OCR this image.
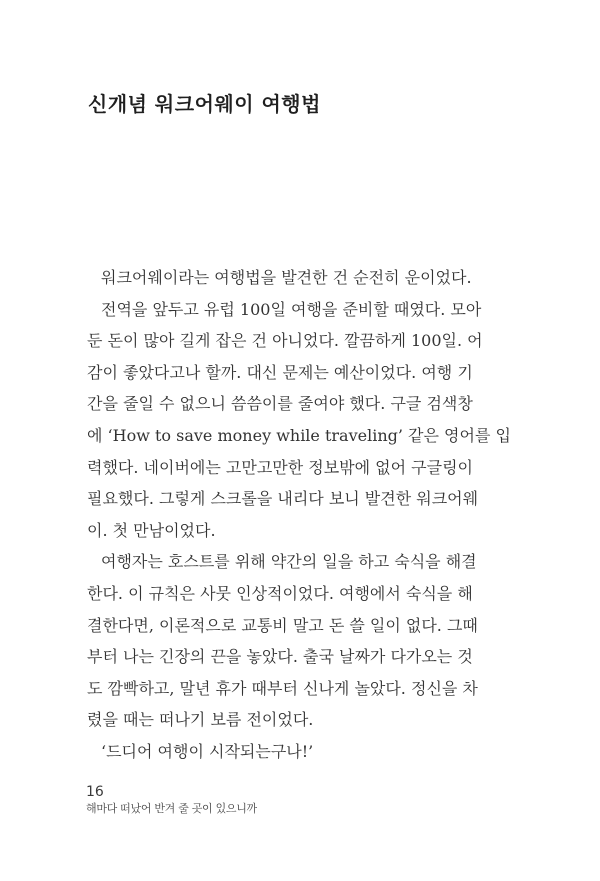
신개념 워크어웨이 여행법
워크어웨이라는 여행법을 발견한 건 순전히 운이었다.
전역을 앞두고 유럽 100일 여행을 준비할 때였다. 모아
둔 돈이 많아 길게 잡은 건 아니었다. 깔끔하게 100일. 어
감이 좋았다고나 할까. 대신 문제는 예산이었다. 여행 기
간을 줄일 수 없으니 씀씀이를 줄여야 했다. 구글 검색창
에 ‘How to save money while traveling’ 같은 영어를 입
력했다. 네이버에는 고만고만한 정보밖에 없어 구글링이
필요했다. 그렇게 스크롤을 내리다 보니 발견한 워크어웨
이. 첫 만남이었다.
여행자는 호스트를 위해 약간의 일을 하고 숙식을 해결
한다. 이 규칙은 사뭇 인상적이었다. 여행에서 숙식을 해
결한다면, 이론적으로 교통비 말고 돈 쓸 일이 없다. 그때
부터 나는 긴장의 끈을 놓았다. 출국 날짜가 다가오는 것
도 깜빡하고, 말년 휴가 때부터 신나게 놀았다. 정신을 차
렸을 때는 떠나기 보름 전이었다.
‘드디어 여행이 시작되는구나!’
16
해마다 떠났어 반겨 줄 곳이 있으니까
